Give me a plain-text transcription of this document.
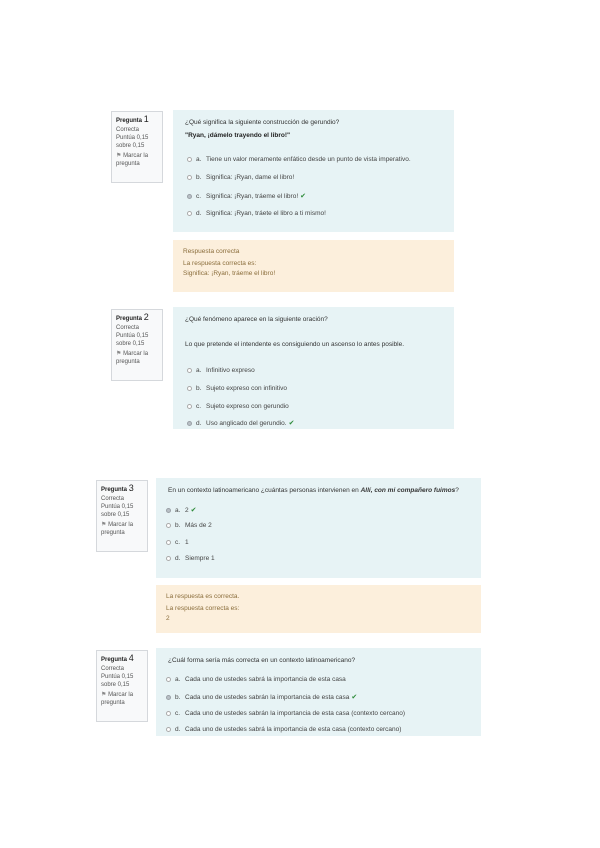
Pregunta 1
Correcta
Puntúa 0,15
sobre 0,15
⚑ Marcar la
pregunta
¿Qué significa la siguiente construcción de gerundio?
"Ryan, ¡dámelo trayendo el libro!"
a. Tiene un valor meramente enfático desde un punto de vista imperativo.
b. Significa: ¡Ryan, dame el libro!
c. Significa: ¡Ryan, tráeme el libro! ✔
d. Significa: ¡Ryan, tráete el libro a ti mismo!
Respuesta correcta
La respuesta correcta es:
Significa: ¡Ryan, tráeme el libro!
Pregunta 2
Correcta
Puntúa 0,15
sobre 0,15
⚑ Marcar la
pregunta
¿Qué fenómeno aparece en la siguiente oración?
Lo que pretende el intendente es consiguiendo un ascenso lo antes posible.
a. Infinitivo expreso
b. Sujeto expreso con infinitivo
c. Sujeto expreso con gerundio
d. Uso anglicado del gerundio. ✔
Pregunta 3
Correcta
Puntúa 0,15
sobre 0,15
⚑ Marcar la
pregunta
En un contexto latinoamericano ¿cuántas personas intervienen en Allí, con mi compañero fuimos?
a. 2 ✔
b. Más de 2
c. 1
d. Siempre 1
La respuesta es correcta.
La respuesta correcta es:
2
Pregunta 4
Correcta
Puntúa 0,15
sobre 0,15
⚑ Marcar la
pregunta
¿Cuál forma sería más correcta en un contexto latinoamericano?
a. Cada uno de ustedes sabrá la importancia de esta casa
b. Cada uno de ustedes sabrán la importancia de esta casa ✔
c. Cada uno de ustedes sabrán la importancia de esta casa (contexto cercano)
d. Cada uno de ustedes sabrá la importancia de esta casa (contexto cercano)
